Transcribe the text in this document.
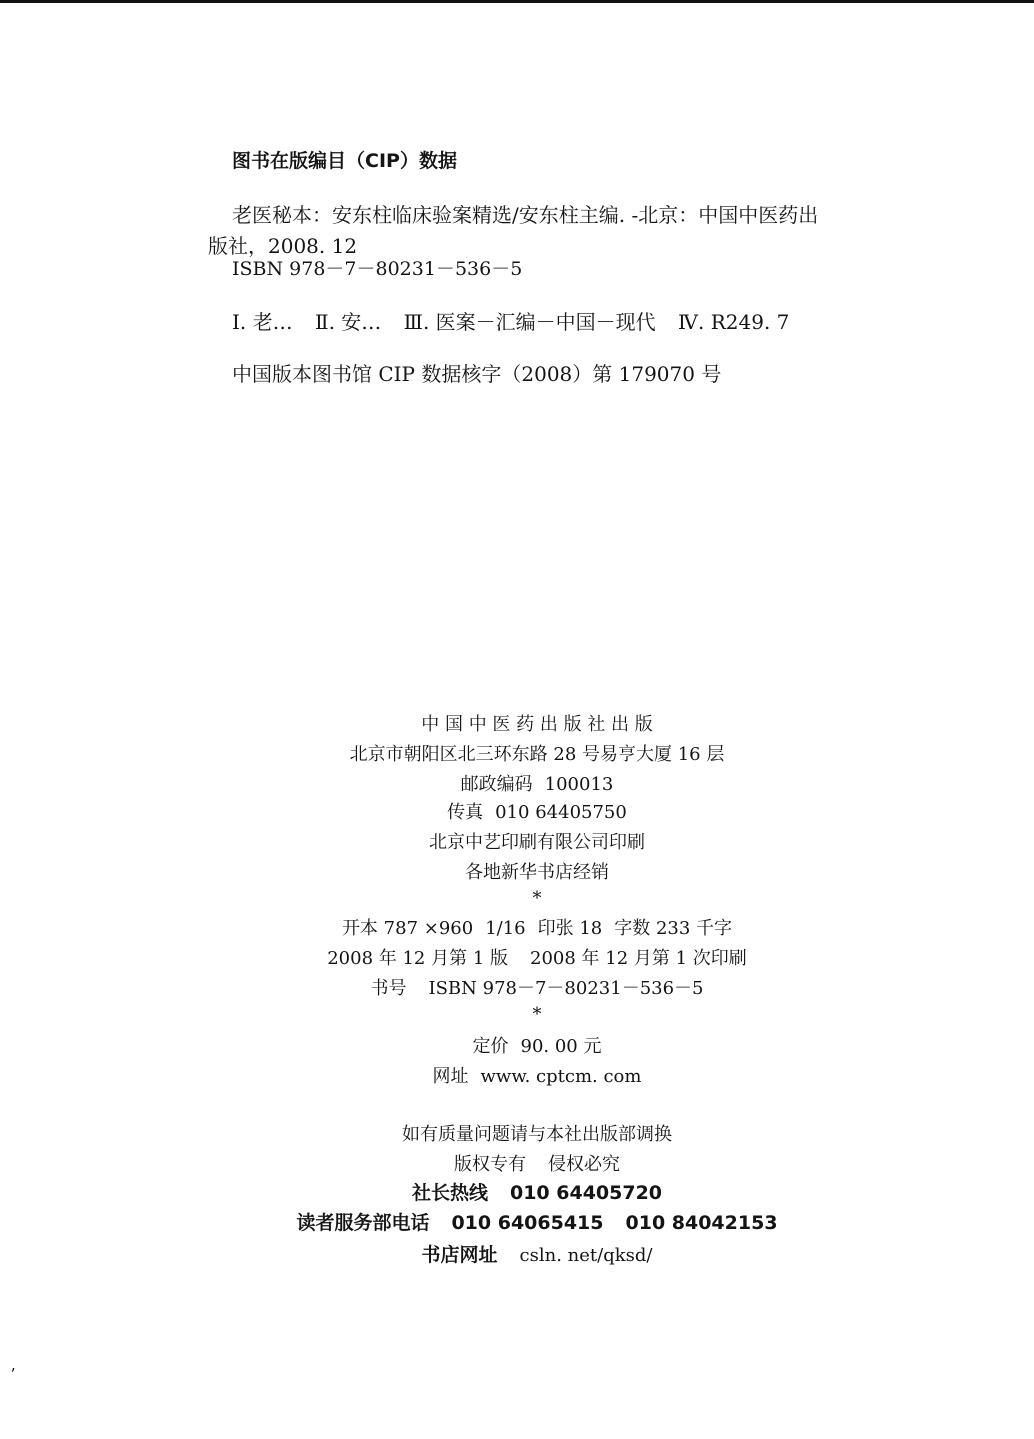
图书在版编目（CIP）数据
老医秘本：安东柱临床验案精选/安东柱主编. -北京：中国中医药出版社，2008. 12
ISBN 978－7－80231－536－5
Ⅰ. 老… Ⅱ. 安… Ⅲ. 医案－汇编－中国－现代 Ⅳ. R249. 7
中国版本图书馆 CIP 数据核字（2008）第 179070 号
中 国 中 医 药 出 版 社 出 版
北京市朝阳区北三环东路 28 号易亨大厦 16 层
邮政编码 100013
传真 010 64405750
北京中艺印刷有限公司印刷
各地新华书店经销
*
开本 787 ×960 1/16 印张 18 字数 233 千字
2008 年 12 月第 1 版 2008 年 12 月第 1 次印刷
书号 ISBN 978－7－80231－536－5
*
定价 90. 00 元
网址 www. cptcm. com
如有质量问题请与本社出版部调换
版权专有 侵权必究
社长热线 010 64405720
读者服务部电话 010 64065415 010 84042153
书店网址 csln. net/qksd/
ʼ
